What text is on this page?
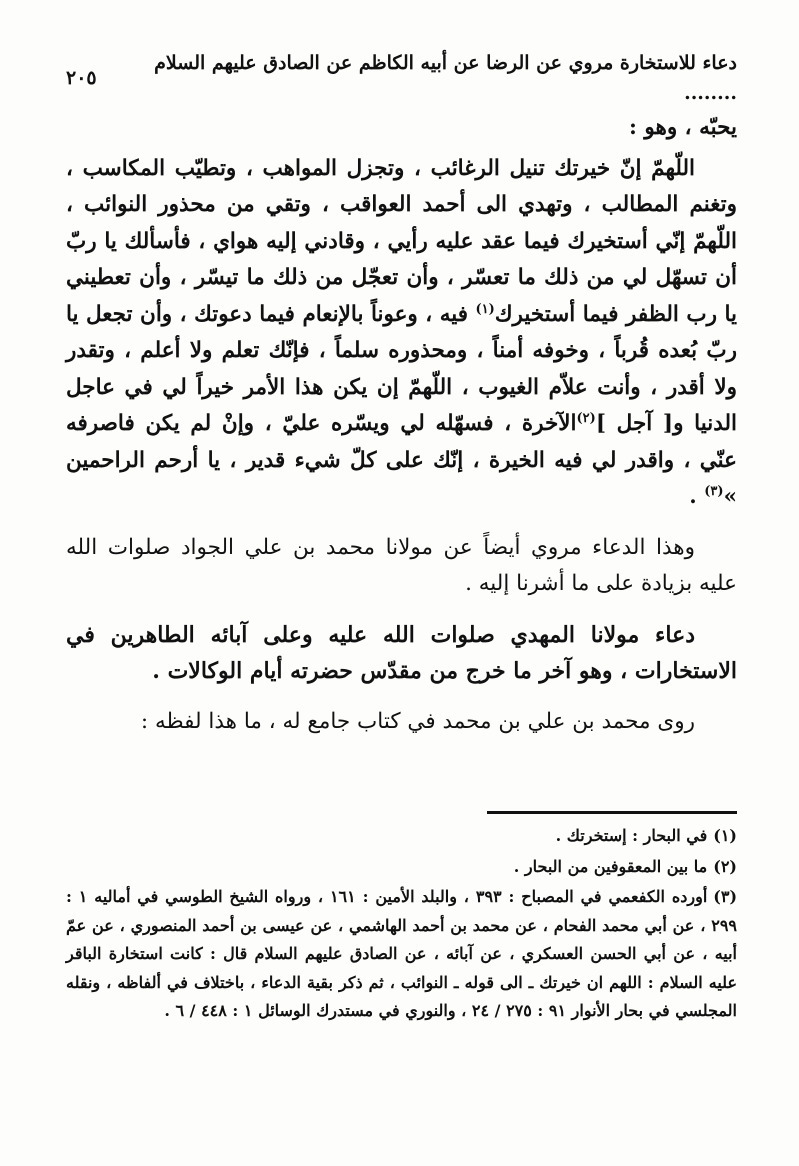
دعاء للاستخارة مروي عن الرضا عن أبيه الكاظم عن الصادق عليهم السلام ........
٢٠٥

يحبّه ، وهو :

اللّهمّ إنّ خيرتك تنيل الرغائب ، وتجزل المواهب ، وتطيّب المكاسب ، وتغنم المطالب ، وتهدي الى أحمد العواقب ، وتقي من محذور النوائب ، اللّهمّ إنّي أستخيرك فيما عقد عليه رأيي ، وقادني إليه هواي ، فأسألك يا ربّ أن تسهّل لي من ذلك ما تعسّر ، وأن تعجّل من ذلك ما تيسّر ، وأن تعطيني يا رب الظفر فيما أستخيرك$^{(١)}$ فيه ، وعوناً بالإنعام فيما دعوتك ، وأن تجعل يا ربّ بُعده قُرباً ، وخوفه أمناً ، ومحذوره سلماً ، فإنّك تعلم ولا أعلم ، وتقدر ولا أقدر ، وأنت علاّم الغيوب ، اللّهمّ إن يكن هذا الأمر خيراً لي في عاجل الدنيا و[ آجل ]$^{(٢)}$الآخرة ، فسهّله لي ويسّره عليّ ، وإنْ لم يكن فاصرفه عنّي ، واقدر لي فيه الخيرة ، إنّك على كلّ شيء قدير ، يا أرحم الراحمين »$^{(٣)}$ .

وهذا الدعاء مروي أيضاً عن مولانا محمد بن علي الجواد صلوات الله عليه بزيادة على ما أشرنا إليه .

دعاء مولانا المهدي صلوات الله عليه وعلى آبائه الطاهرين في الاستخارات ، وهو آخر ما خرج من مقدّس حضرته أيام الوكالات .

روى محمد بن علي بن محمد في كتاب جامع له ، ما هذا لفظه :

(١)في البحار : إستخرتك .

(٢)ما بين المعقوفين من البحار .

(٣)أورده الكفعمي في المصباح : ٣٩٣ ، والبلد الأمين : ١٦١ ، ورواه الشيخ الطوسي في أماليه ١ : ٢٩٩ ، عن أبي محمد الفحام ، عن محمد بن أحمد الهاشمي ، عن عيسى بن أحمد المنصوري ، عن عمّ أبيه ، عن أبي الحسن العسكري ، عن آبائه ، عن الصادق عليهم السلام قال : كانت استخارة الباقر عليه السلام : اللهم ان خيرتك ـ الى قوله ـ النوائب ، ثم ذكر بقية الدعاء ، باختلاف في ألفاظه ، ونقله المجلسي في بحار الأنوار ٩١ : ٢٧٥ / ٢٤ ، والنوري في مستدرك الوسائل ١ : ٤٤٨ / ٦ .
